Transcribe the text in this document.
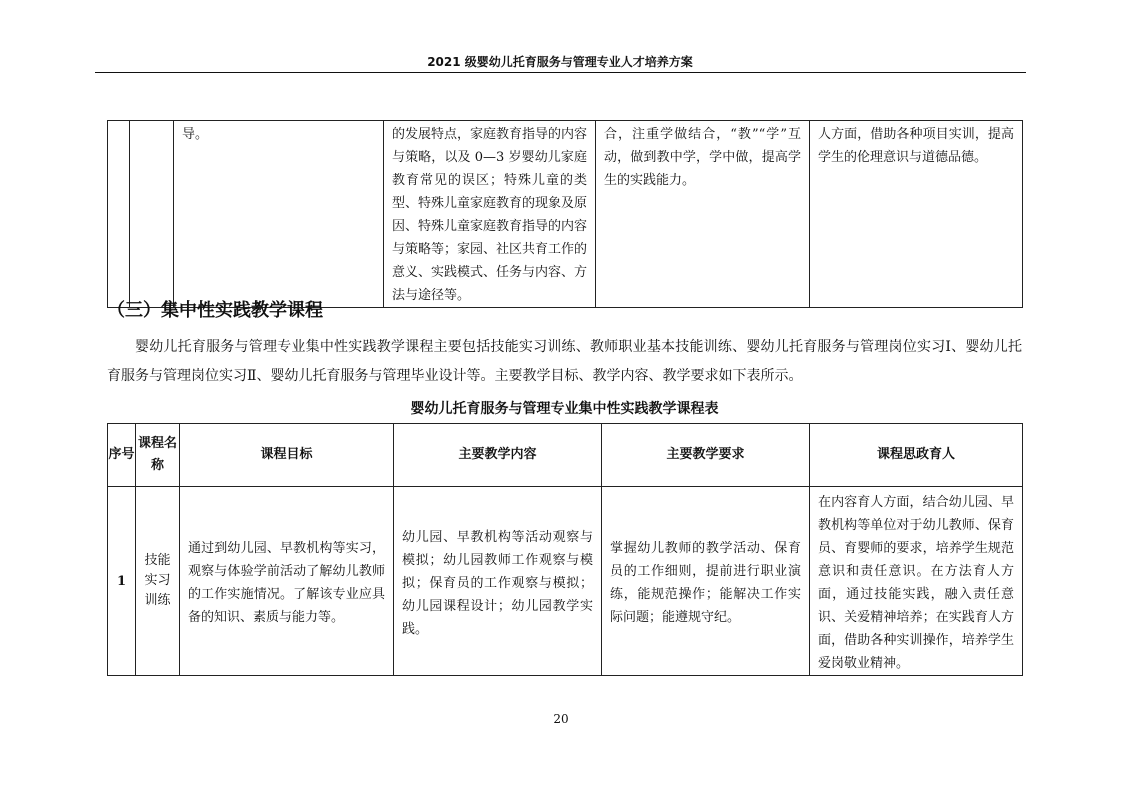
2021 级婴幼儿托育服务与管理专业人才培养方案
		导。	的发展特点，家庭教育指导的内容与策略，以及 0—3 岁婴幼儿家庭教育常见的误区；特殊儿童的类型、特殊儿童家庭教育的现象及原因、特殊儿童家庭教育指导的内容与策略等；家园、社区共育工作的意义、实践模式、任务与内容、方法与途径等。	合，注重学做结合，“教”“学”互动，做到教中学，学中做，提高学生的实践能力。	人方面，借助各种项目实训，提高学生的伦理意识与道德品德。
（三）集中性实践教学课程

婴幼儿托育服务与管理专业集中性实践教学课程主要包括技能实习训练、教师职业基本技能训练、婴幼儿托育服务与管理岗位实习Ⅰ、婴幼儿托育服务与管理岗位实习Ⅱ、婴幼儿托育服务与管理毕业设计等。主要教学目标、教学内容、教学要求如下表所示。

婴幼儿托育服务与管理专业集中性实践教学课程表
序号	课程名称	课程目标	主要教学内容	主要教学要求	课程思政育人
1	技能实习训练	通过到幼儿园、早教机构等实习，观察与体验学前活动了解幼儿教师的工作实施情况。了解该专业应具备的知识、素质与能力等。	幼儿园、早教机构等活动观察与模拟；幼儿园教师工作观察与模拟；保育员的工作观察与模拟；幼儿园课程设计；幼儿园教学实践。	掌握幼儿教师的教学活动、保育员的工作细则，提前进行职业演练，能规范操作；能解决工作实际问题；能遵规守纪。	在内容育人方面，结合幼儿园、早教机构等单位对于幼儿教师、保育员、育婴师的要求，培养学生规范意识和责任意识。在方法育人方面，通过技能实践，融入责任意识、关爱精神培养；在实践育人方面，借助各种实训操作，培养学生爱岗敬业精神。
20
